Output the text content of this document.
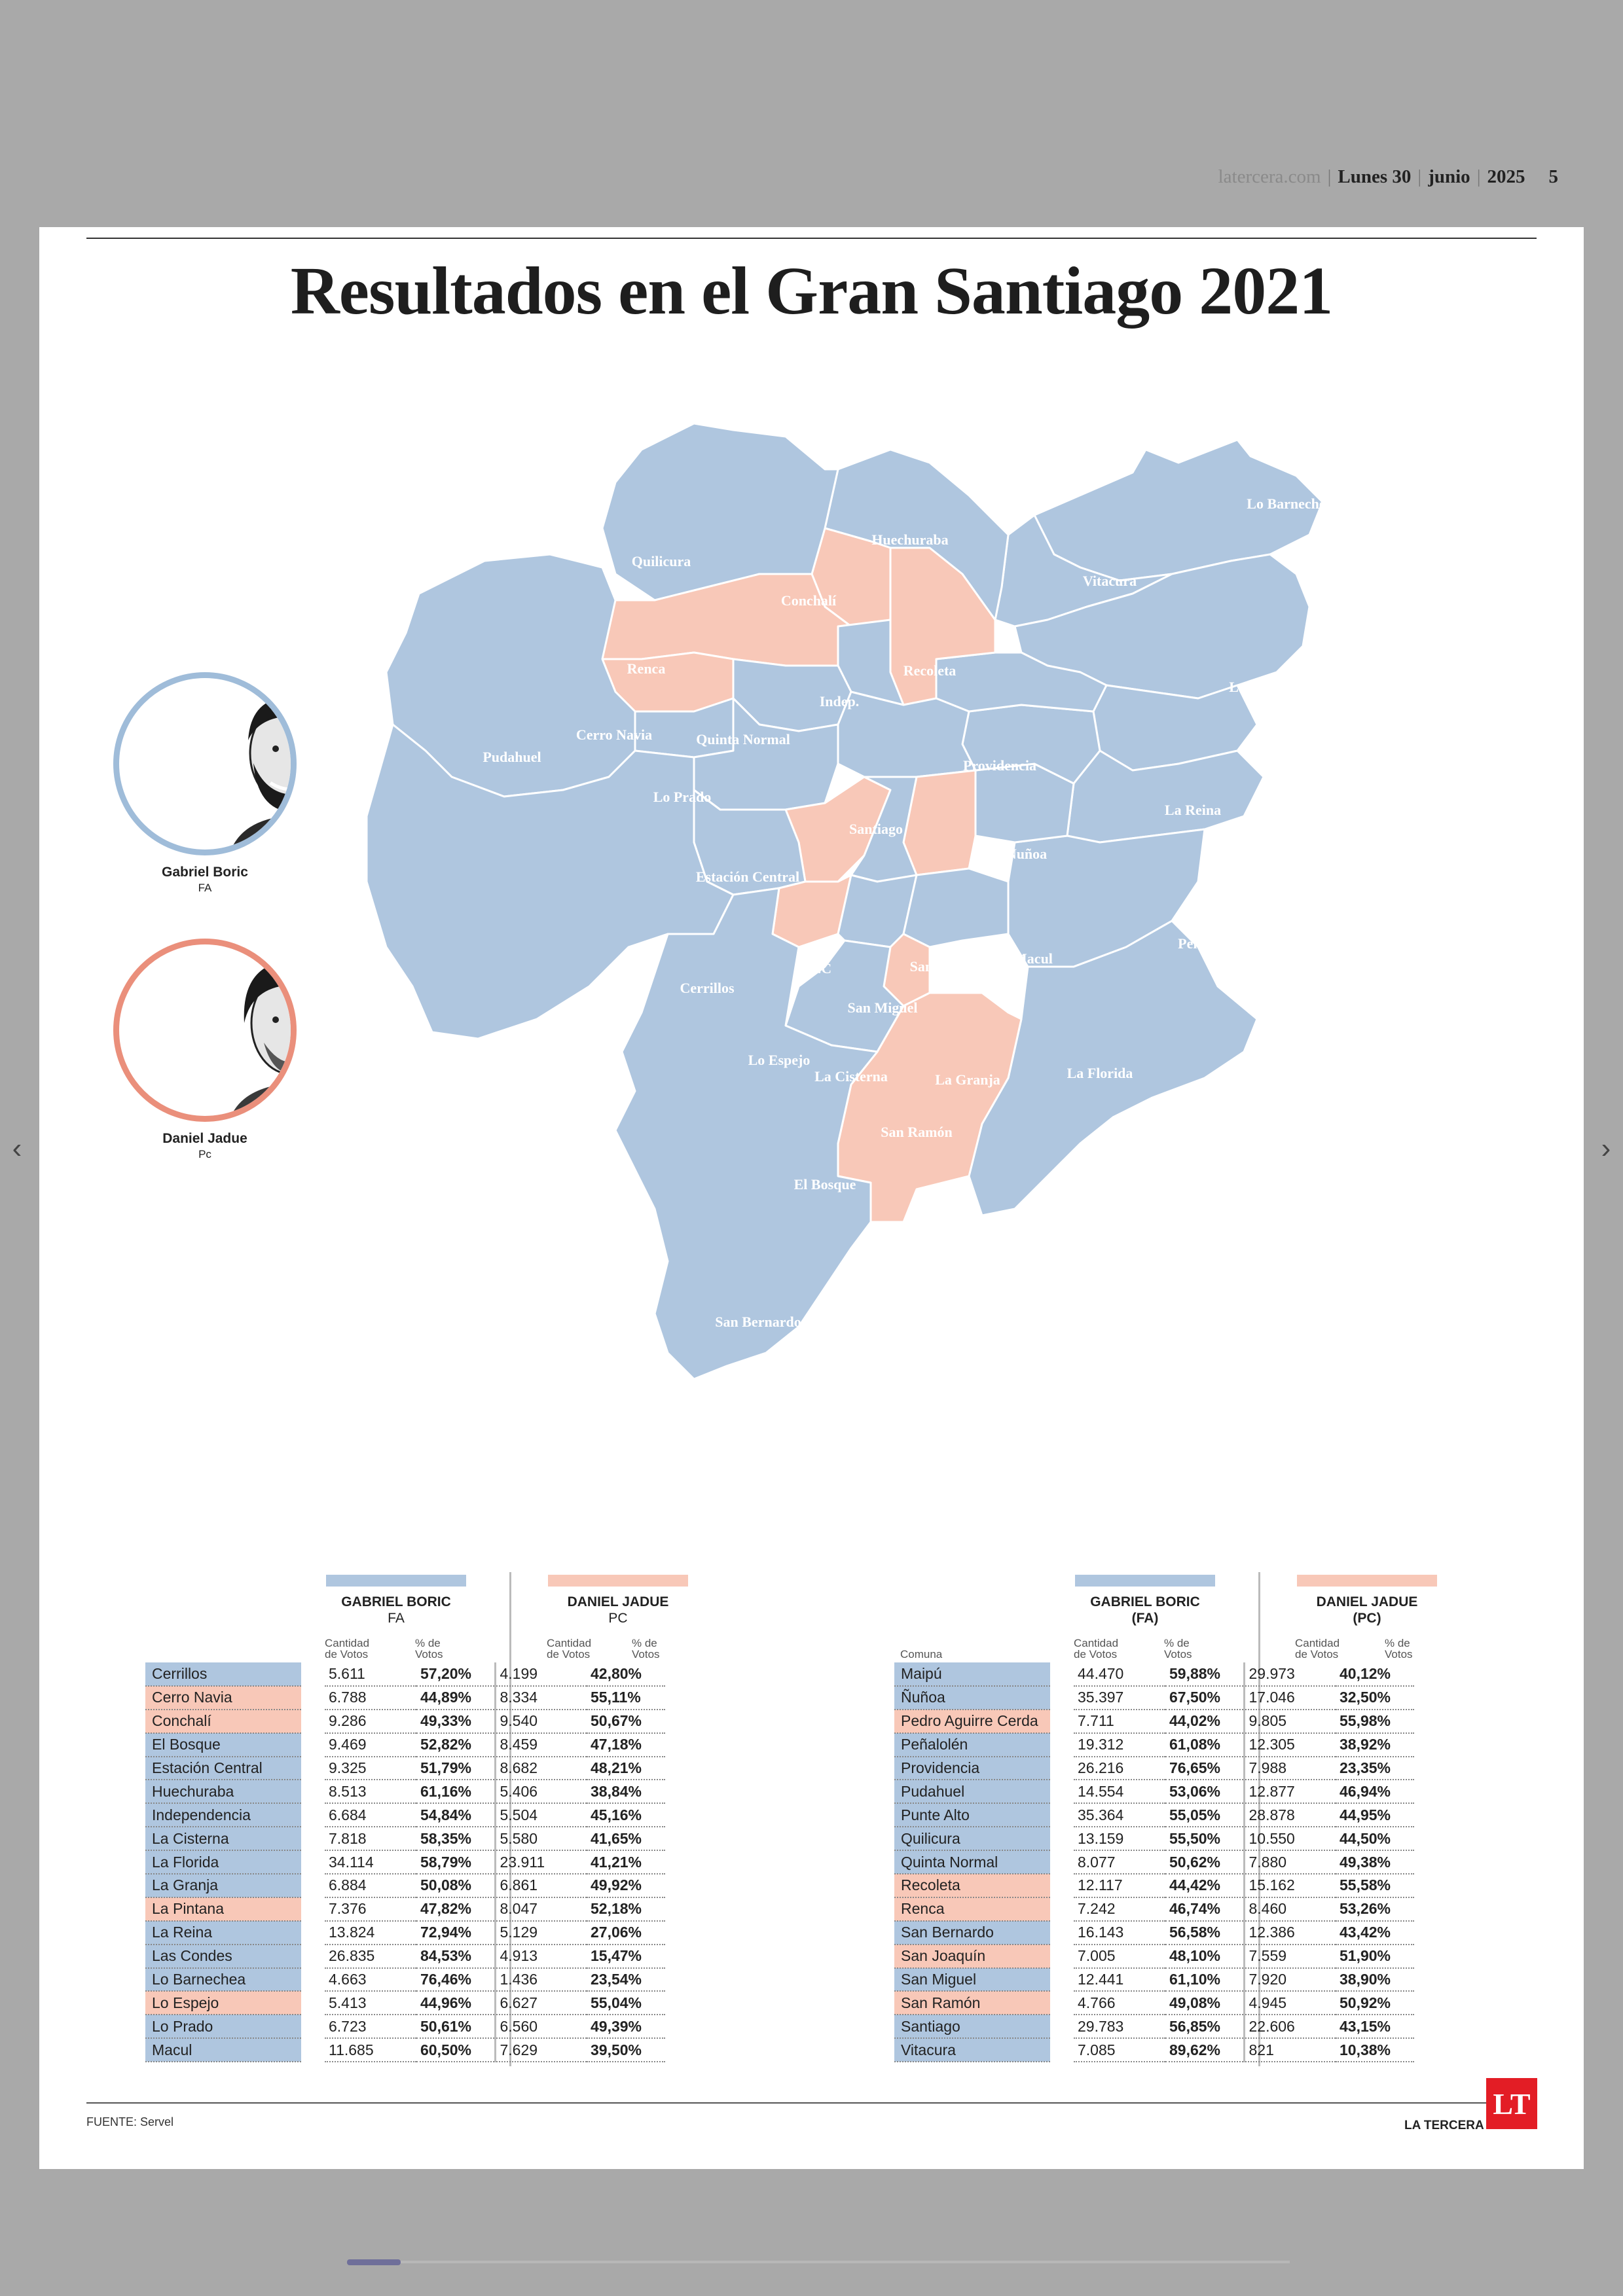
‹	›
latercera.com | Lunes 30 | junio | 2025 5
Resultados en el Gran Santiago 2021
Lo Barnechea
Huechuraba
Quilicura
Vitacura
Conchalí
Renca	Recoleta
Indep.
Las Condes
Cerro Navia	Quinta Normal
Pudahuel
Providencia
Lo Prado
La Reina
Santiago
Ñuñoa
Estación Central
Peñalolén
P.A.C	San Joaquín Macul
Cerrillos
San Miguel
Lo Espejo
Maipú
La Cisterna	La Granja	La Florida
San Ramón
El Bosque
La Pintana
Puente Alto
San Bernardo
Gabriel Boric
FA
Daniel Jadue
Pc
GABRIEL BORIC
FA
DANIEL JADUE
PC
Cantidad de Votos
% de Votos
Cantidad de Votos
% de Votos
Cerrillos		5.611	57,20%	4.199	42,80%
Cerro Navia		6.788	44,89%	8.334	55,11%
Conchalí		9.286	49,33%	9.540	50,67%
El Bosque		9.469	52,82%	8.459	47,18%
Estación Central		9.325	51,79%	8.682	48,21%
Huechuraba		8.513	61,16%	5.406	38,84%
Independencia		6.684	54,84%	5.504	45,16%
La Cisterna		7.818	58,35%	5.580	41,65%
La Florida		34.114	58,79%	23.911	41,21%
La Granja		6.884	50,08%	6.861	49,92%
La Pintana		7.376	47,82%	8.047	52,18%
La Reina		13.824	72,94%	5.129	27,06%
Las Condes		26.835	84,53%	4.913	15,47%
Lo Barnechea		4.663	76,46%	1.436	23,54%
Lo Espejo		5.413	44,96%	6.627	55,04%
Lo Prado		6.723	50,61%	6.560	49,39%
Macul		11.685	60,50%	7.629	39,50%
GABRIEL BORIC
(FA)
DANIEL JADUE
(PC)
Comuna
Cantidad de Votos
% de Votos
Cantidad de Votos
% de Votos
Maipú		44.470	59,88%	29.973	40,12%
Ñuñoa		35.397	67,50%	17.046	32,50%
Pedro Aguirre Cerda		7.711	44,02%	9.805	55,98%
Peñalolén		19.312	61,08%	12.305	38,92%
Providencia		26.216	76,65%	7.988	23,35%
Pudahuel		14.554	53,06%	12.877	46,94%
Punte Alto		35.364	55,05%	28.878	44,95%
Quilicura		13.159	55,50%	10.550	44,50%
Quinta Normal		8.077	50,62%	7.880	49,38%
Recoleta		12.117	44,42%	15.162	55,58%
Renca		7.242	46,74%	8.460	53,26%
San Bernardo		16.143	56,58%	12.386	43,42%
San Joaquín		7.005	48,10%	7.559	51,90%
San Miguel		12.441	61,10%	7.920	38,90%
San Ramón		4.766	49,08%	4.945	50,92%
Santiago		29.783	56,85%	22.606	43,15%
Vitacura		7.085	89,62%	821	10,38%
FUENTE: Servel	LA TERCERA
LT
